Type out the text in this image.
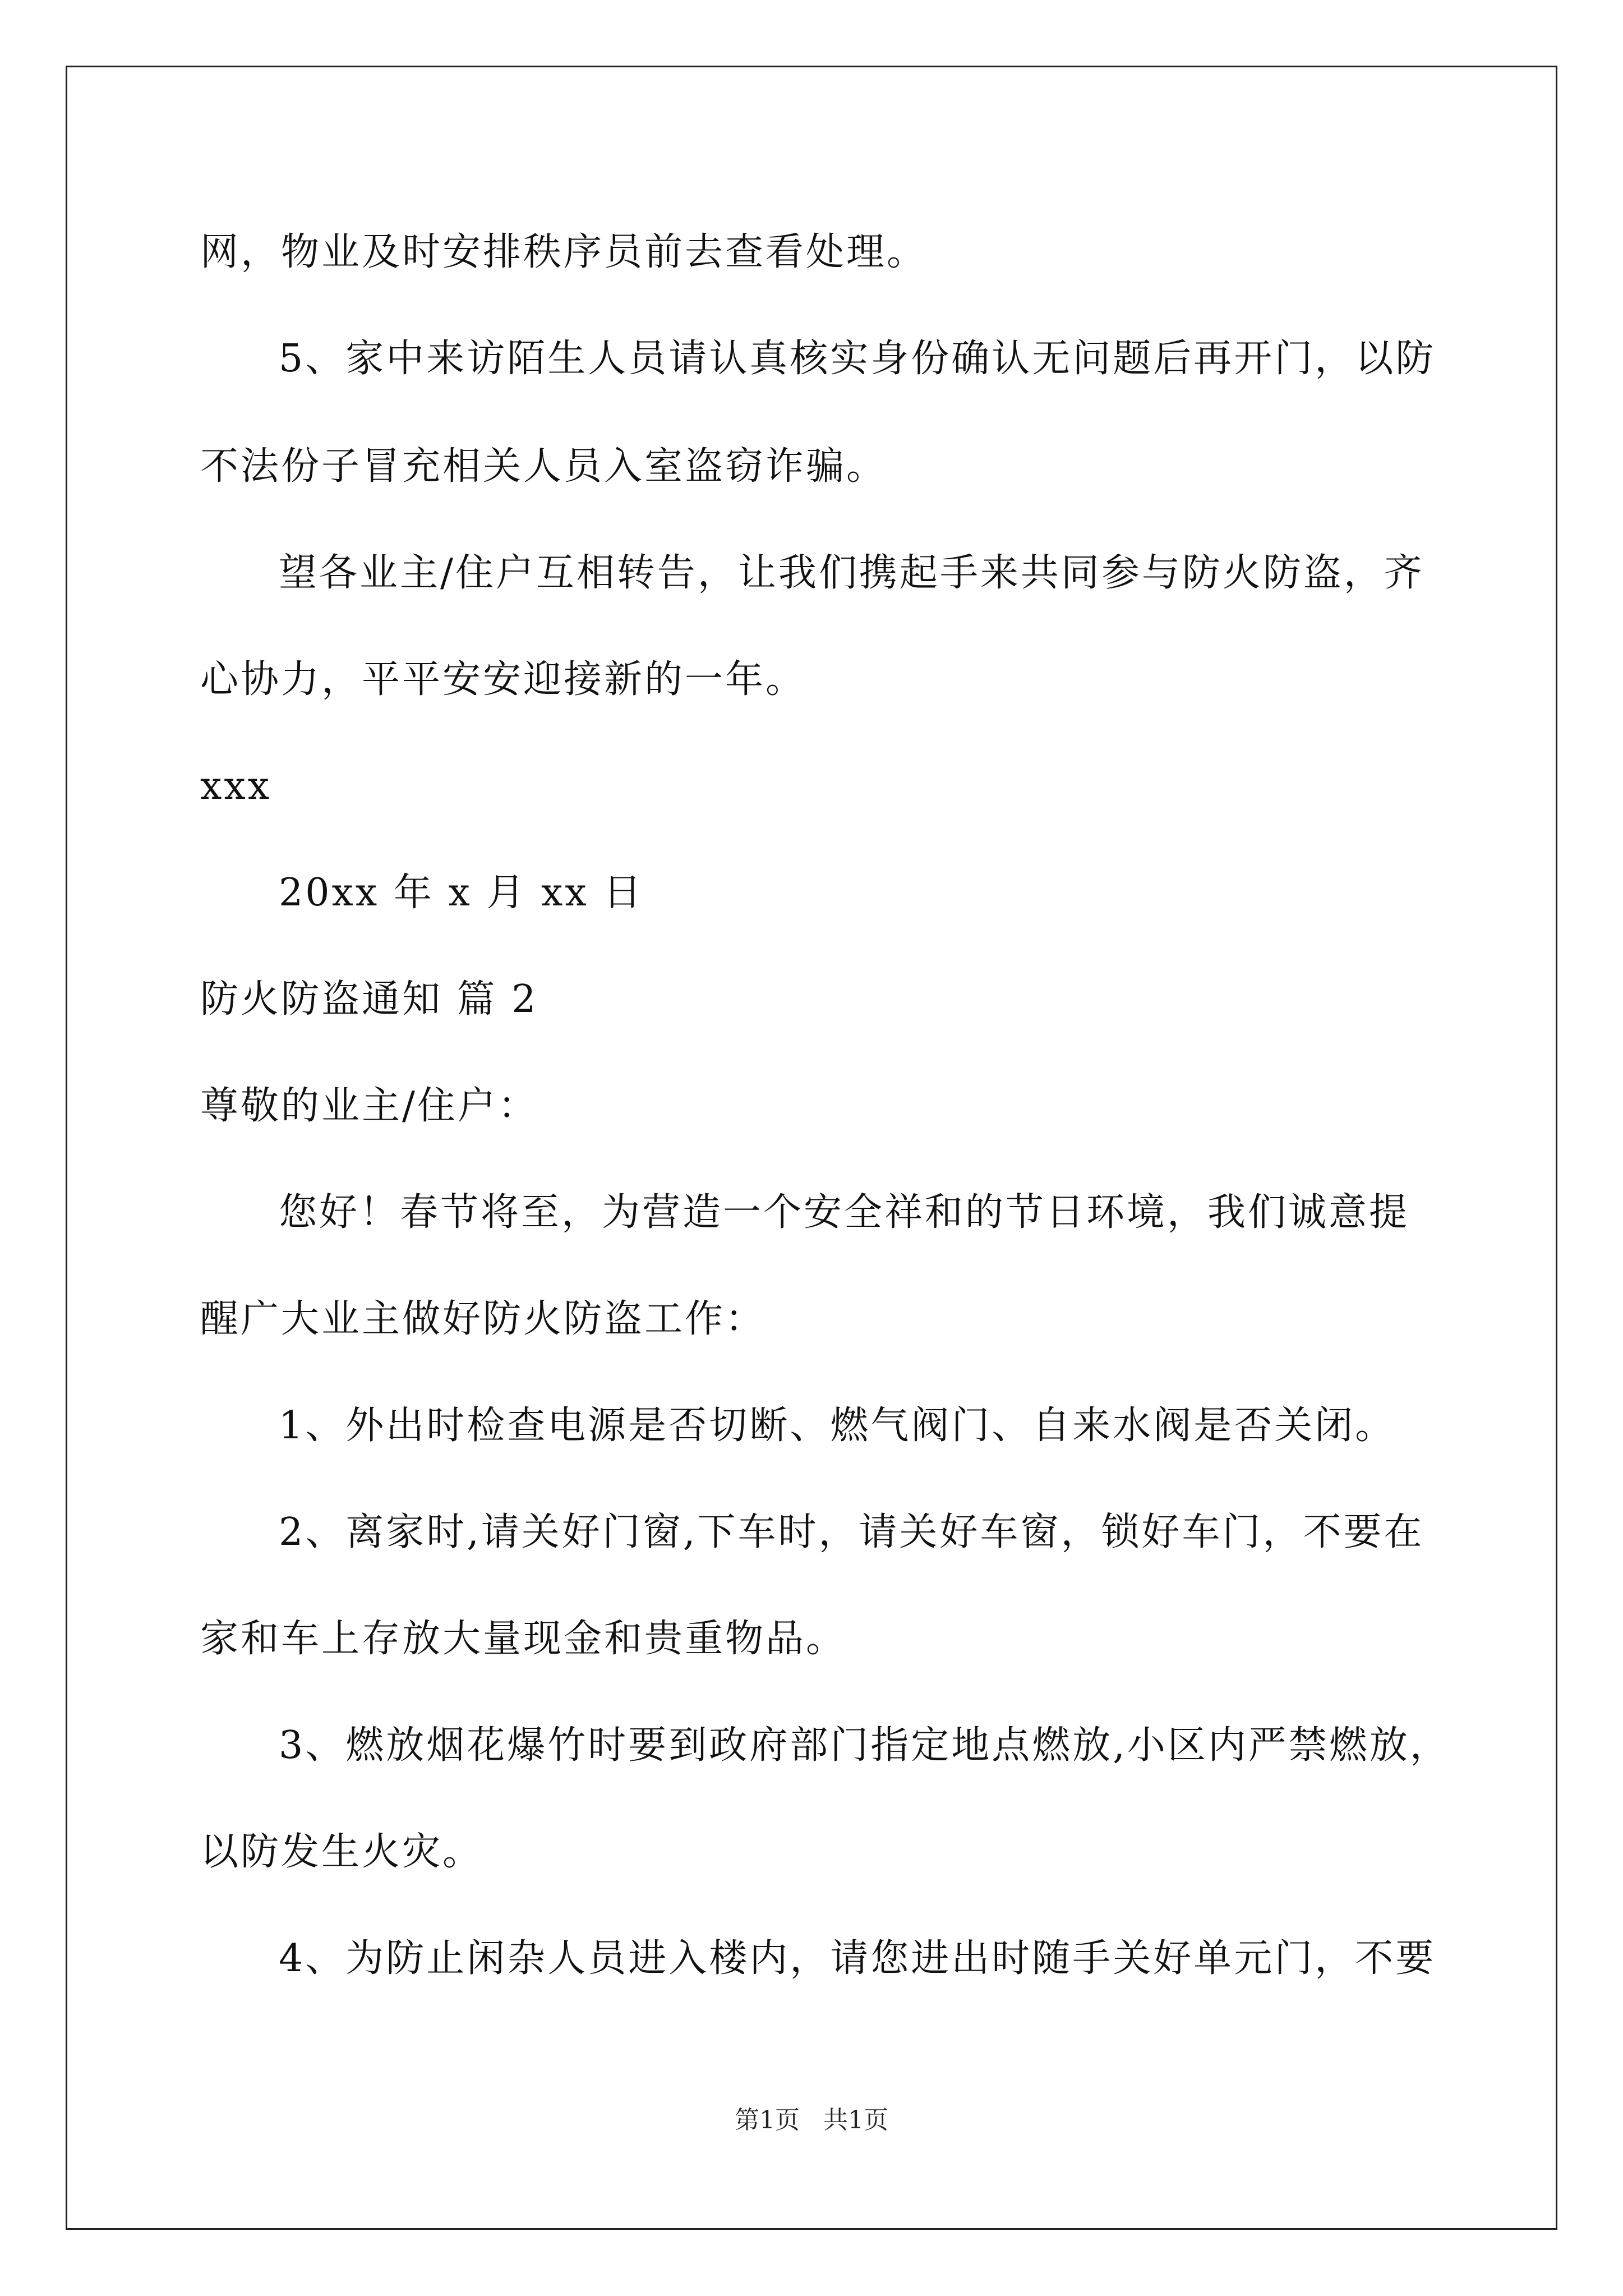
网，物业及时安排秩序员前去查看处理。
5、家中来访陌生人员请认真核实身份确认无问题后再开门，以防
不法份子冒充相关人员入室盗窃诈骗。
望各业主/住户互相转告，让我们携起手来共同参与防火防盗，齐
心协力，平平安安迎接新的一年。
xxx
20xx 年 x 月 xx 日
防火防盗通知 篇 2
尊敬的业主/住户：
您好！春节将至，为营造一个安全祥和的节日环境，我们诚意提
醒广大业主做好防火防盗工作：
1、外出时检查电源是否切断、燃气阀门、自来水阀是否关闭。
2、离家时,请关好门窗,下车时，请关好车窗，锁好车门，不要在
家和车上存放大量现金和贵重物品。
3、燃放烟花爆竹时要到政府部门指定地点燃放,小区内严禁燃放，
以防发生火灾。
4、为防止闲杂人员进入楼内，请您进出时随手关好单元门，不要
第1页   共1页
